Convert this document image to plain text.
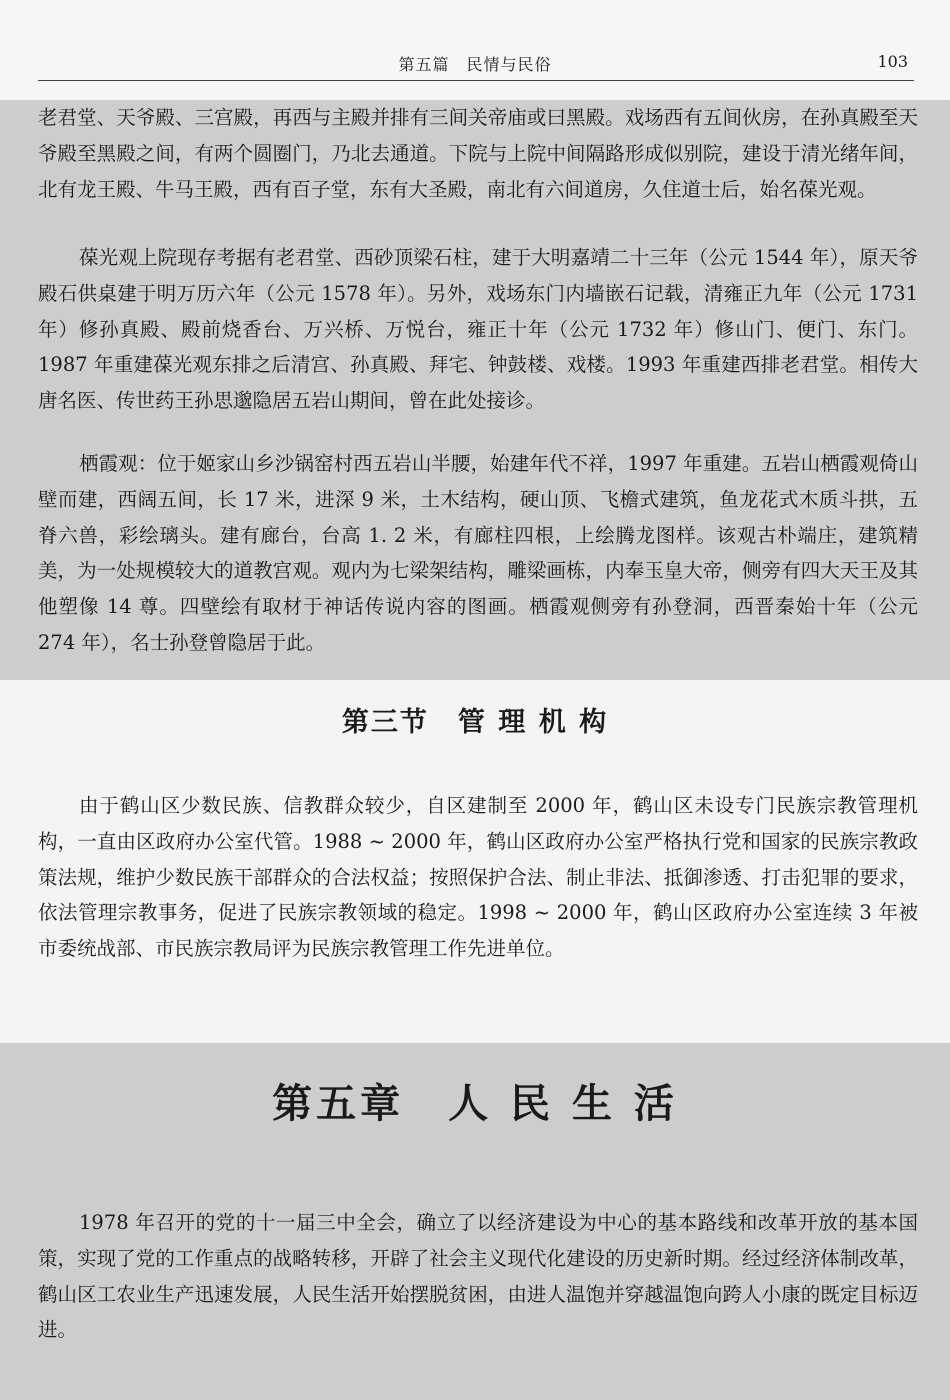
第五篇　民情与民俗	103

老君堂、天爷殿、三宫殿，再西与主殿并排有三间关帝庙或曰黑殿。戏场西有五间伙房，在孙真殿至天爷殿至黑殿之间，有两个圆圈门，乃北去通道。下院与上院中间隔路形成似别院，建设于清光绪年间，北有龙王殿、牛马王殿，西有百子堂，东有大圣殿，南北有六间道房，久住道士后，始名葆光观。

葆光观上院现存考据有老君堂、西砂顶梁石柱，建于大明嘉靖二十三年（公元 1544 年），原天爷殿石供桌建于明万历六年（公元 1578 年）。另外，戏场东门内墙嵌石记载，清雍正九年（公元 1731 年）修孙真殿、殿前烧香台、万兴桥、万悦台，雍正十年（公元 1732 年）修山门、便门、东门。1987 年重建葆光观东排之后清宫、孙真殿、拜宅、钟鼓楼、戏楼。1993 年重建西排老君堂。相传大唐名医、传世药王孙思邈隐居五岩山期间，曾在此处接诊。

栖霞观：位于姬家山乡沙锅窑村西五岩山半腰，始建年代不祥，1997 年重建。五岩山栖霞观倚山壁而建，西阔五间，长 17 米，进深 9 米，土木结构，硬山顶、飞檐式建筑，鱼龙花式木质斗拱，五脊六兽，彩绘璃头。建有廊台，台高 1. 2 米，有廊柱四根，上绘腾龙图样。该观古朴端庄，建筑精美，为一处规模较大的道教宫观。观内为七梁架结构，雕梁画栋，内奉玉皇大帝，侧旁有四大天王及其他塑像 14 尊。四壁绘有取材于神话传说内容的图画。栖霞观侧旁有孙登洞，西晋秦始十年（公元 274 年），名士孙登曾隐居于此。

第三节　管 理 机 构

由于鹤山区少数民族、信教群众较少，自区建制至 2000 年，鹤山区未设专门民族宗教管理机构，一直由区政府办公室代管。1988 ~ 2000 年，鹤山区政府办公室严格执行党和国家的民族宗教政策法规，维护少数民族干部群众的合法权益；按照保护合法、制止非法、抵御渗透、打击犯罪的要求，依法管理宗教事务，促进了民族宗教领域的稳定。1998 ~ 2000 年，鹤山区政府办公室连续 3 年被市委统战部、市民族宗教局评为民族宗教管理工作先进单位。

第五章　人 民 生 活

1978 年召开的党的十一届三中全会，确立了以经济建设为中心的基本路线和改革开放的基本国策，实现了党的工作重点的战略转移，开辟了社会主义现代化建设的历史新时期。经过经济体制改革，鹤山区工农业生产迅速发展，人民生活开始摆脱贫困，由进人温饱并穿越温饱向跨人小康的既定目标迈进。
